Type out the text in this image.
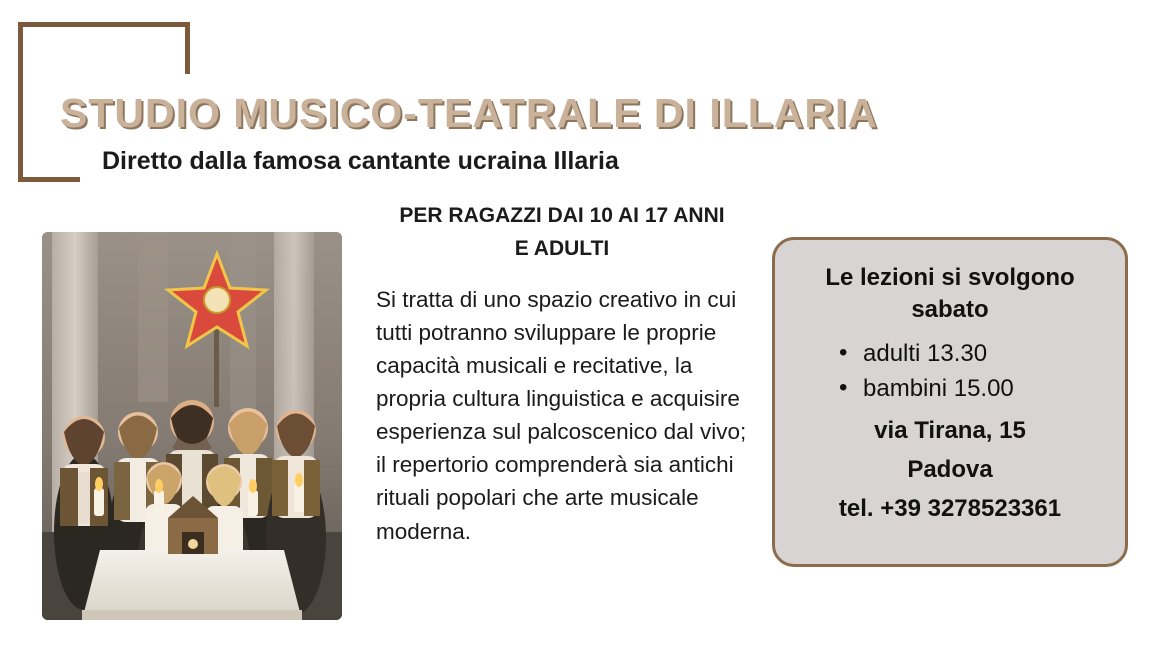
STUDIO MUSICO-TEATRALE DI ILLARIA
Diretto dalla famosa cantante ucraina Illaria
PER RAGAZZI DAI 10 AI 17 ANNI
E ADULTI

Si tratta di uno spazio creativo in cui tutti potranno sviluppare le proprie capacità musicali e recitative, la propria cultura linguistica e acquisire esperienza sul palcoscenico dal vivo; il repertorio comprenderà sia antichi rituali popolari che arte musicale moderna.

Le lezioni si svolgono sabato
• adulti 13.30
• bambini 15.00
via Tirana, 15
Padova
tel. +39 3278523361
